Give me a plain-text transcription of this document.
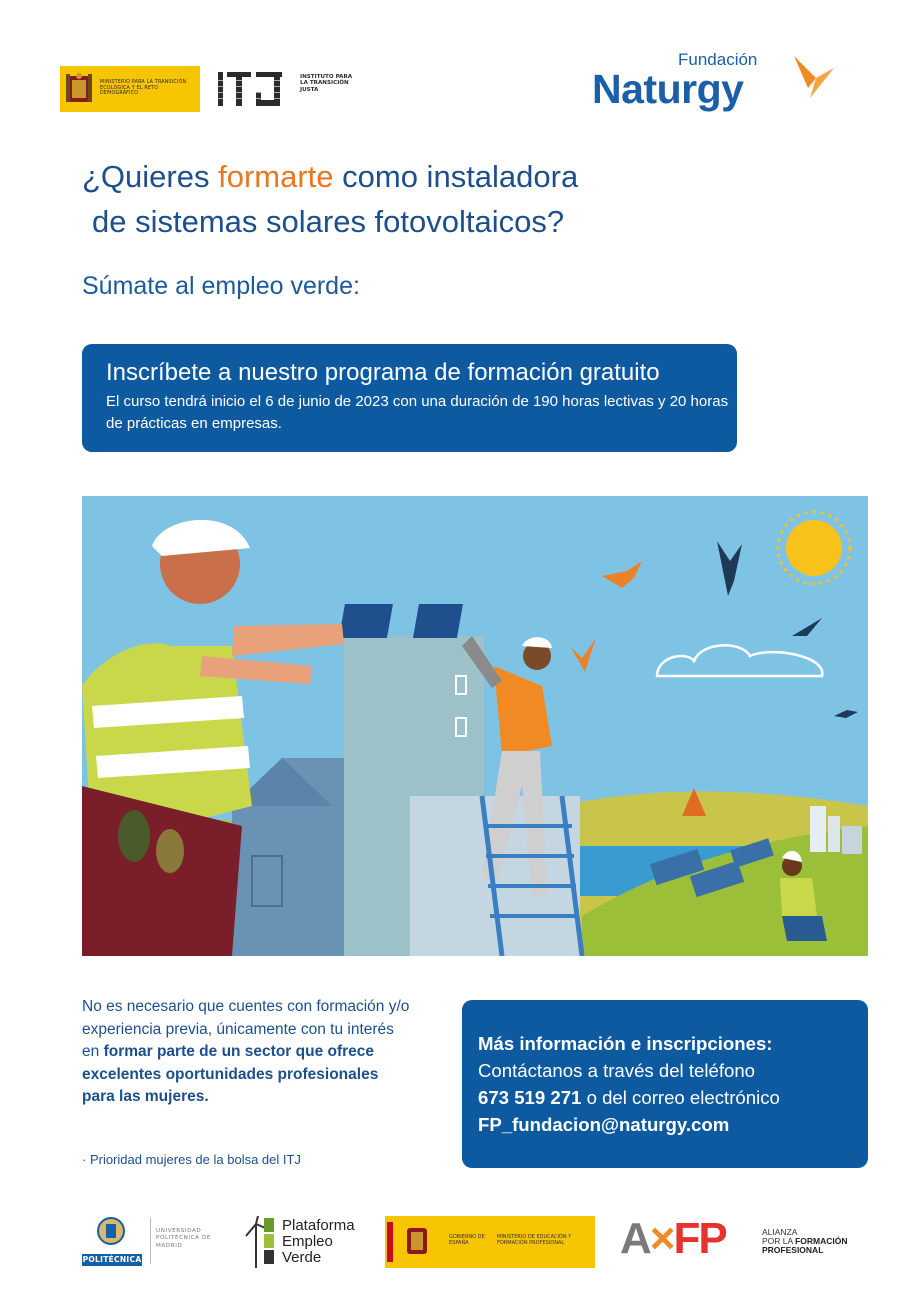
MINISTERIO PARA LA TRANSICIÓN ECOLÓGICA Y EL RETO DEMOGRÁFICO
INSTITUTO PARA LA TRANSICIÓN JUSTA
Fundación
Naturgy
¿Quieres formarte como instaladora
de sistemas solares fotovoltaicos?
Súmate al empleo verde:
Inscríbete a nuestro programa de formación gratuito
El curso tendrá inicio el 6 de junio de 2023 con una duración de 190 horas lectivas y 20 horas de prácticas en empresas.
No es necesario que cuentes con formación y/o experiencia previa, únicamente con tu interés en formar parte de un sector que ofrece excelentes oportunidades profesionales para las mujeres.
· Prioridad mujeres de la bolsa del ITJ
Más información e inscripciones:
Contáctanos a través del teléfono
673 519 271 o del correo electrónico
FP_fundacion@naturgy.com
POLITÉCNICA
UNIVERSIDAD POLITÉCNICA DE MADRID
Plataforma
Empleo
Verde
GOBIERNO DE ESPAÑA
MINISTERIO DE EDUCACIÓN Y FORMACIÓN PROFESIONAL	A×FP	ALIANZA
POR LA FORMACIÓN
PROFESIONAL
